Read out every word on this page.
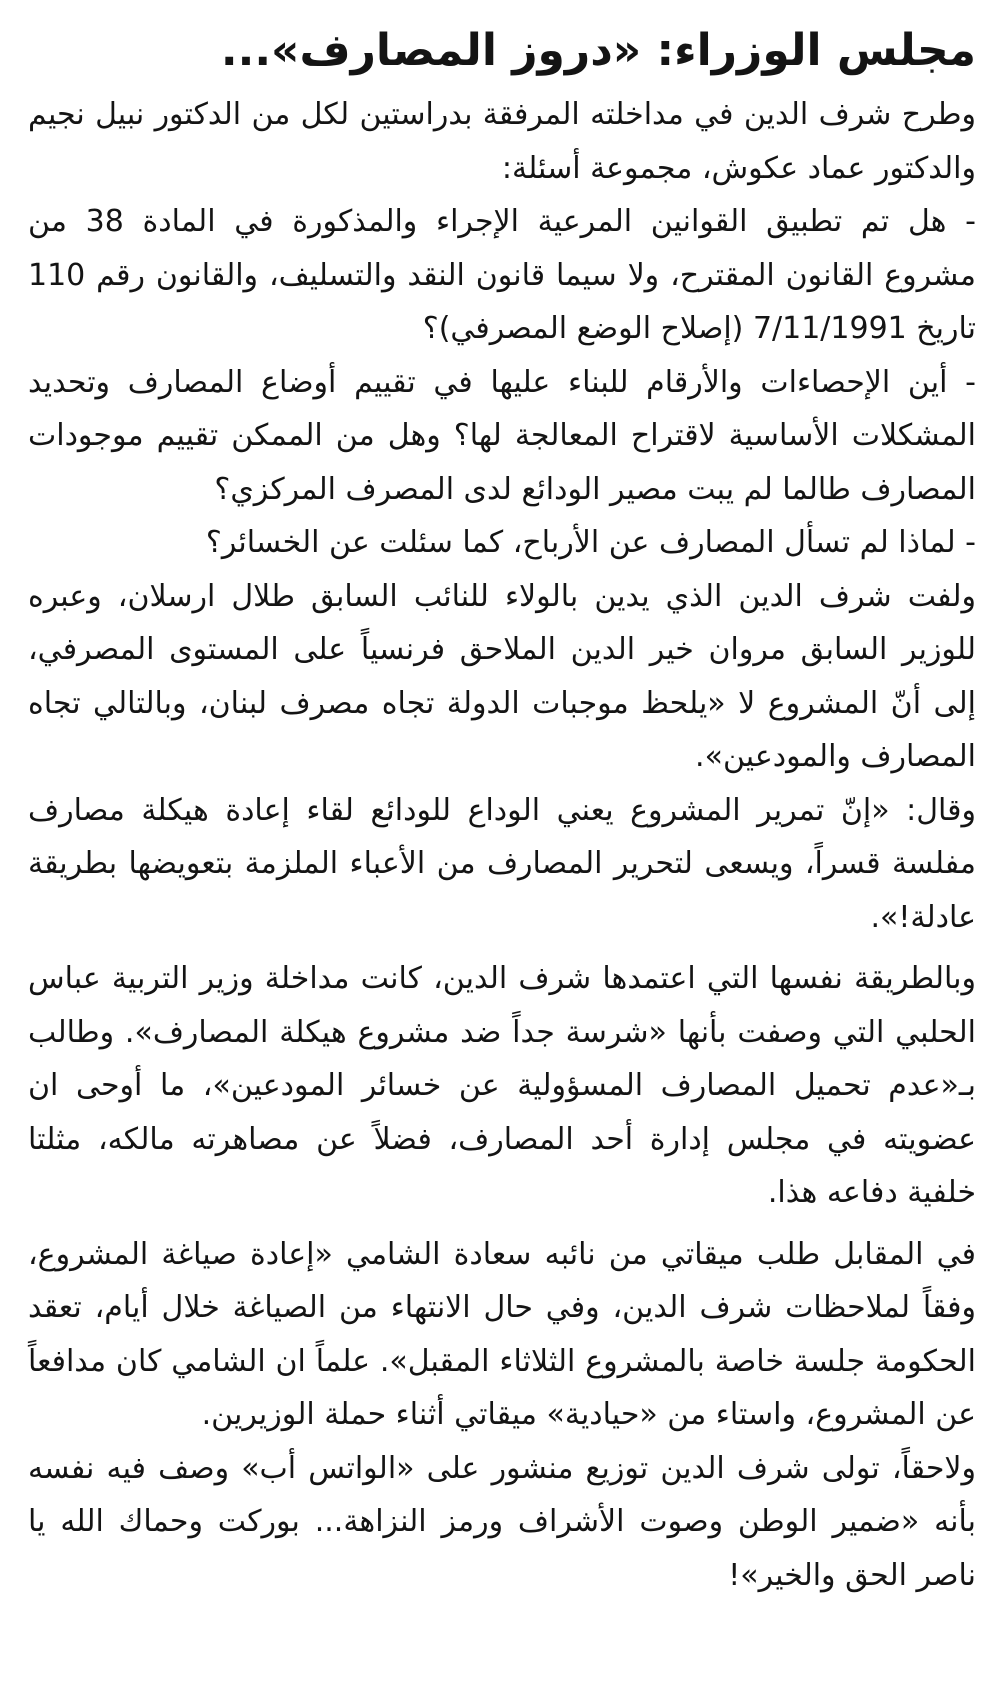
مجلس الوزراء: «دروز المصارف»...

وطرح شرف الدين في مداخلته المرفقة بدراستين لكل من الدكتور نبيل نجيم والدكتور عماد عكوش، مجموعة أسئلة:

- هل تم تطبيق القوانين المرعية الإجراء والمذكورة في المادة 38 من مشروع القانون المقترح، ولا سيما قانون النقد والتسليف، والقانون رقم 110 تاريخ 7/11/1991 (إصلاح الوضع المصرفي)؟

- أين الإحصاءات والأرقام للبناء عليها في تقييم أوضاع المصارف وتحديد المشكلات الأساسية لاقتراح المعالجة لها؟ وهل من الممكن تقييم موجودات المصارف طالما لم يبت مصير الودائع لدى المصرف المركزي؟

- لماذا لم تسأل المصارف عن الأرباح، كما سئلت عن الخسائر؟

ولفت شرف الدين الذي يدين بالولاء للنائب السابق طلال ارسلان، وعبره للوزير السابق مروان خير الدين الملاحق فرنسياً على المستوى المصرفي، إلى أنّ المشروع لا «يلحظ موجبات الدولة تجاه مصرف لبنان، وبالتالي تجاه المصارف والمودعين».

وقال: «إنّ تمرير المشروع يعني الوداع للودائع لقاء إعادة هيكلة مصارف مفلسة قسراً، ويسعى لتحرير المصارف من الأعباء الملزمة بتعويضها بطريقة عادلة!».

وبالطريقة نفسها التي اعتمدها شرف الدين، كانت مداخلة وزير التربية عباس الحلبي التي وصفت بأنها «شرسة جداً ضد مشروع هيكلة المصارف». وطالب بـ«عدم تحميل المصارف المسؤولية عن خسائر المودعين»، ما أوحى ان عضويته في مجلس إدارة أحد المصارف، فضلاً عن مصاهرته مالكه، مثلتا خلفية دفاعه هذا.

في المقابل طلب ميقاتي من نائبه سعادة الشامي «إعادة صياغة المشروع، وفقاً لملاحظات شرف الدين، وفي حال الانتهاء من الصياغة خلال أيام، تعقد الحكومة جلسة خاصة بالمشروع الثلاثاء المقبل». علماً ان الشامي كان مدافعاً عن المشروع، واستاء من «حيادية» ميقاتي أثناء حملة الوزيرين.

ولاحقاً، تولى شرف الدين توزيع منشور على «الواتس أب» وصف فيه نفسه بأنه «ضمير الوطن وصوت الأشراف ورمز النزاهة... بوركت وحماك الله يا ناصر الحق والخير»!
